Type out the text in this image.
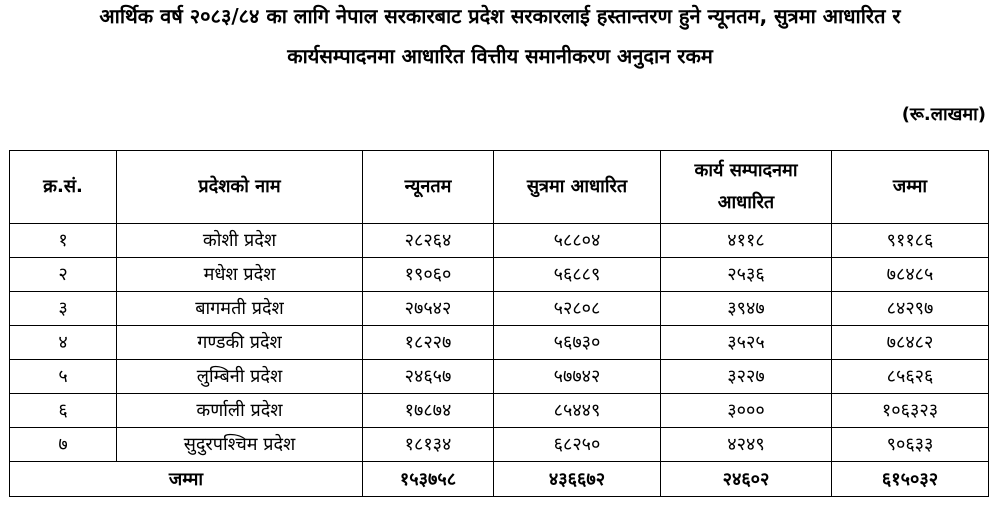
आर्थिक वर्ष २०८३/८४ का लागि नेपाल सरकारबाट प्रदेश सरकारलाई हस्तान्तरण हुने न्यूनतम, सुत्रमा आधारित र
कार्यसम्पादनमा आधारित वित्तीय समानीकरण अनुदान रकम
(रू.लाखमा)
क्र.सं.	प्रदेशको नाम	न्यूनतम	सुत्रमा आधारित	कार्य सम्पादनमा आधारित	जम्मा
१	कोशी प्रदेश	२८२६४	५८८०४	४११८	९११८६
२	मधेश प्रदेश	१९०६०	५६८८९	२५३६	७८४८५
३	बागमती प्रदेश	२७५४२	५२८०८	३९४७	८४२९७
४	गण्डकी प्रदेश	१८२२७	५६७३०	३५२५	७८४८२
५	लुम्बिनी प्रदेश	२४६५७	५७७४२	३२२७	८५६२६
६	कर्णाली प्रदेश	१७८७४	८५४४९	३०००	१०६३२३
७	सुदुरपश्चिम प्रदेश	१८१३४	६८२५०	४२४९	९०६३३
जम्मा		१५३७५८	४३६६७२	२४६०२	६१५०३२
